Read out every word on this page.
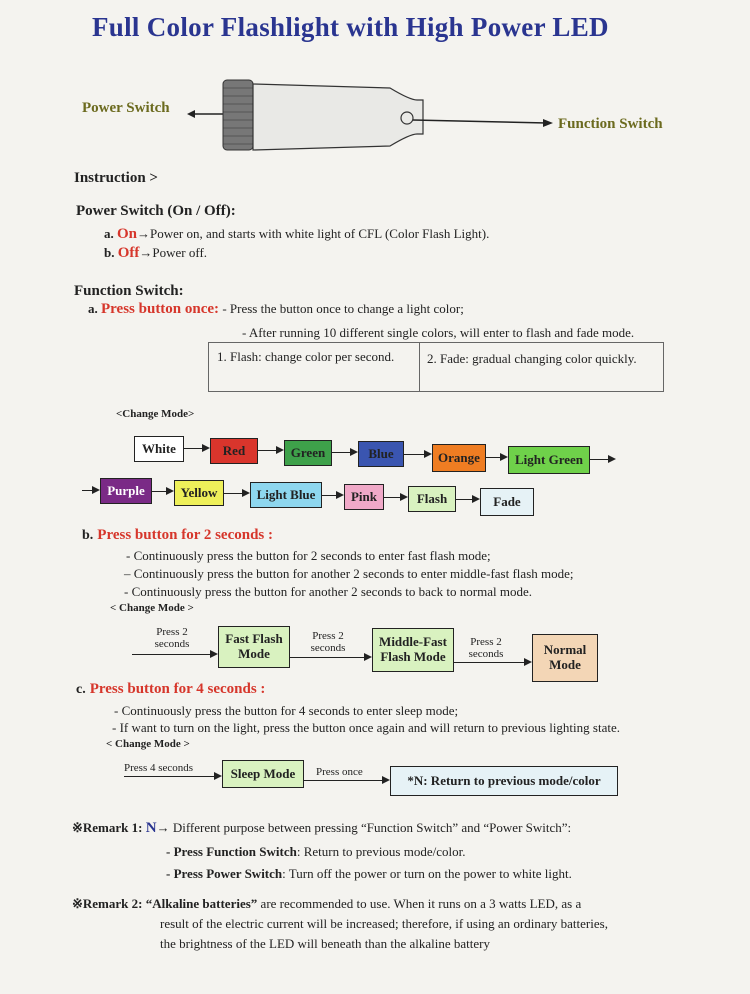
Full Color Flashlight with High Power LED
Power Switch
Function Switch
Instruction >
Power Switch (On / Off):
a. On→Power on, and starts with white light of CFL (Color Flash Light).
b. Off→Power off.
Function Switch:
a. Press button once: - Press the button once to change a light color;
- After running 10 different single colors, will enter to flash and fade mode.
1. Flash: change color per second.	2. Fade: gradual changing color quickly.
<Change Mode>
White	Red	Green	Blue	Orange	Light Green
Purple	Yellow	Light Blue	Pink	Flash	Fade
b. Press button for 2 seconds :
- Continuously press the button for 2 seconds to enter fast flash mode;
– Continuously press the button for another 2 seconds to enter middle-fast flash mode;
- Continuously press the button for another 2 seconds to back to normal mode.
< Change Mode >
Press 2 seconds	Fast Flash Mode
Press 2 seconds	Middle-Fast Flash Mode
Press 2 seconds	Normal Mode
c. Press button for 4 seconds :
- Continuously press the button for 4 seconds to enter sleep mode;
- If want to turn on the light, press the button once again and will return to previous lighting state.
< Change Mode >
Press 4 seconds	Sleep Mode	Press once
*N: Return to previous mode/color
※Remark 1: N→ Different purpose between pressing “Function Switch” and “Power Switch”:
- Press Function Switch: Return to previous mode/color.
- Press Power Switch: Turn off the power or turn on the power to white light.
※Remark 2: “Alkaline batteries” are recommended to use. When it runs on a 3 watts LED, as a
result of the electric current will be increased; therefore, if using an ordinary batteries,
the brightness of the LED will beneath than the alkaline battery
